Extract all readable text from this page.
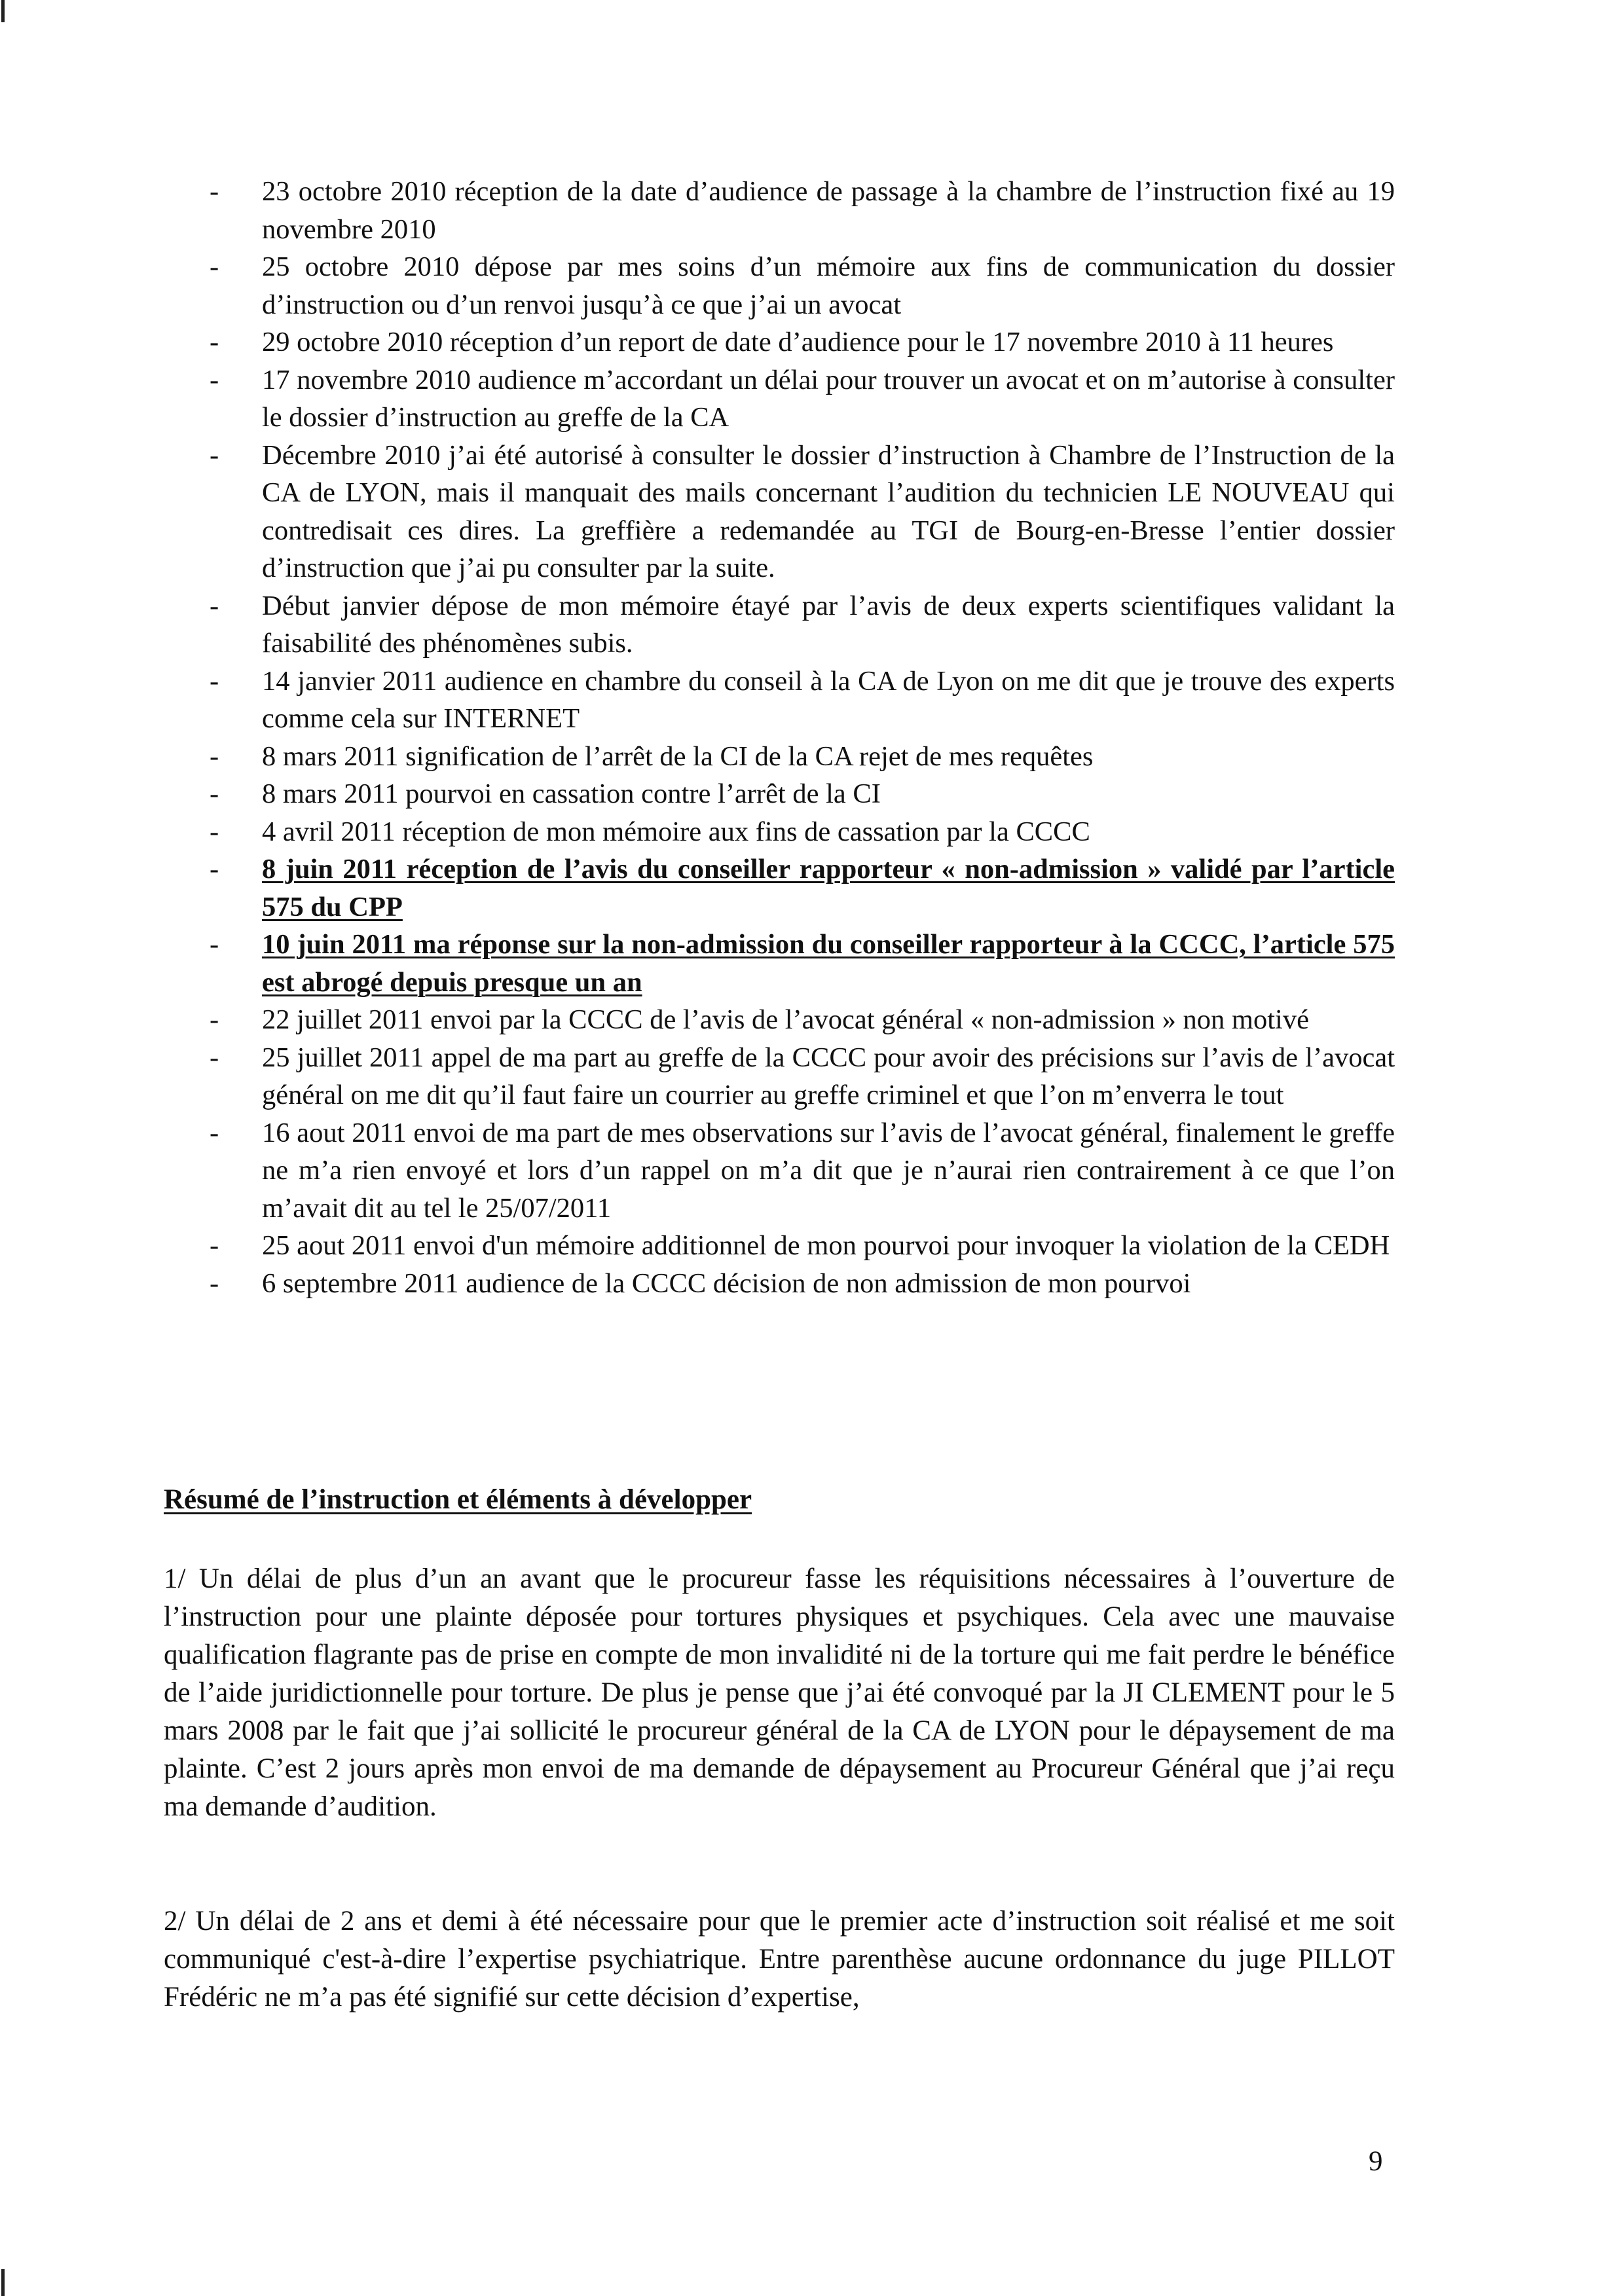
- 23 octobre 2010 réception de la date d’audience de passage à la chambre de l’instruction fixé au 19 novembre 2010
- 25 octobre 2010 dépose par mes soins d’un mémoire aux fins de communication du dossier d’instruction ou d’un renvoi jusqu’à ce que j’ai un avocat
- 29 octobre 2010 réception d’un report de date d’audience pour le 17 novembre 2010 à 11 heures
- 17 novembre 2010 audience m’accordant un délai pour trouver un avocat et on m’autorise à consulter le dossier d’instruction au greffe de la CA
- Décembre 2010 j’ai été autorisé à consulter le dossier d’instruction à Chambre de l’Instruction de la CA de LYON, mais il manquait des mails concernant l’audition du technicien LE NOUVEAU qui contredisait ces dires. La greffière a redemandée au TGI de Bourg-en-Bresse l’entier dossier d’instruction que j’ai pu consulter par la suite.
- Début janvier dépose de mon mémoire étayé par l’avis de deux experts scientifiques validant la faisabilité des phénomènes subis.
- 14 janvier 2011 audience en chambre du conseil à la CA de Lyon on me dit que je trouve des experts comme cela sur INTERNET
- 8 mars 2011 signification de l’arrêt de la CI de la CA rejet de mes requêtes
- 8 mars 2011 pourvoi en cassation contre l’arrêt de la CI
- 4 avril 2011 réception de mon mémoire aux fins de cassation par la CCCC
- 8 juin 2011 réception de l’avis du conseiller rapporteur « non-admission » validé par l’article 575 du CPP
- 10 juin 2011 ma réponse sur la non-admission du conseiller rapporteur à la CCCC, l’article 575 est abrogé depuis presque un an
- 22 juillet 2011 envoi par la CCCC de l’avis de l’avocat général « non-admission » non motivé
- 25 juillet 2011 appel de ma part au greffe de la CCCC pour avoir des précisions sur l’avis de l’avocat général on me dit qu’il faut faire un courrier au greffe criminel et que l’on m’enverra le tout
- 16 aout 2011 envoi de ma part de mes observations sur l’avis de l’avocat général, finalement le greffe ne m’a rien envoyé et lors d’un rappel on m’a dit que je n’aurai rien contrairement à ce que l’on m’avait dit au tel le 25/07/2011
- 25 aout 2011 envoi d'un mémoire additionnel de mon pourvoi pour invoquer la violation de la CEDH
- 6 septembre 2011 audience de la CCCC décision de non admission de mon pourvoi
Résumé de l’instruction et éléments à développer

1/ Un délai de plus d’un an avant que le procureur fasse les réquisitions nécessaires à l’ouverture de l’instruction pour une plainte déposée pour tortures physiques et psychiques. Cela avec une mauvaise qualification flagrante pas de prise en compte de mon invalidité ni de la torture qui me fait perdre le bénéfice de l’aide juridictionnelle pour torture. De plus je pense que j’ai été convoqué par la JI CLEMENT pour le 5 mars 2008 par le fait que j’ai sollicité le procureur général de la CA de LYON pour le dépaysement de ma plainte. C’est 2 jours après mon envoi de ma demande de dépaysement au Procureur Général que j’ai reçu ma demande d’audition.

2/ Un délai de 2 ans et demi à été nécessaire pour que le premier acte d’instruction soit réalisé et me soit communiqué c'est-à-dire l’expertise psychiatrique. Entre parenthèse aucune ordonnance du juge PILLOT Frédéric ne m’a pas été signifié sur cette décision d’expertise,

9
